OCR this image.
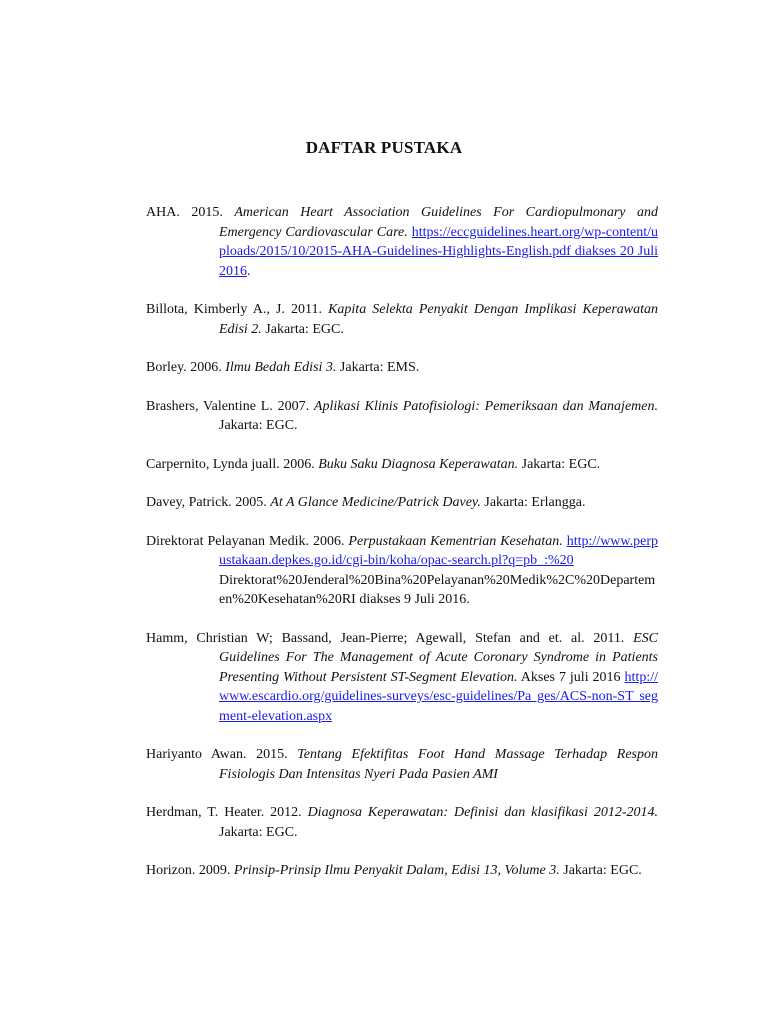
DAFTAR PUSTAKA

AHA. 2015. American Heart Association Guidelines For Cardiopulmonary and Emergency Cardiovascular Care. https://eccguidelines.heart.org/wp-content/uploads/2015/10/2015-AHA-Guidelines-Highlights-English.pdf diakses 20 Juli 2016.

Billota, Kimberly A., J. 2011. Kapita Selekta Penyakit Dengan Implikasi Keperawatan Edisi 2. Jakarta: EGC.

Borley. 2006. Ilmu Bedah Edisi 3. Jakarta: EMS.

Brashers, Valentine L. 2007. Aplikasi Klinis Patofisiologi: Pemeriksaan dan Manajemen. Jakarta: EGC.

Carpernito, Lynda juall. 2006. Buku Saku Diagnosa Keperawatan. Jakarta: EGC.

Davey, Patrick. 2005. At A Glance Medicine/Patrick Davey. Jakarta: Erlangga.

Direktorat Pelayanan Medik. 2006. Perpustakaan Kementrian Kesehatan. http://www.perpustakaan.depkes.go.id/cgi-bin/koha/opac-search.pl?q=pb_:%20Direktorat%20Jenderal%20Bina%20Pelayanan%20Medik%2C%20Departemen%20Kesehatan%20RI diakses 9 Juli 2016.

Hamm, Christian W; Bassand, Jean-Pierre; Agewall, Stefan and et. al. 2011. ESC Guidelines For The Management of Acute Coronary Syndrome in Patients Presenting Without Persistent ST-Segment Elevation. Akses 7 juli 2016 http://www.escardio.org/guidelines-surveys/esc-guidelines/Pa ges/ACS-non-ST segment-elevation.aspx

Hariyanto Awan. 2015. Tentang Efektifitas Foot Hand Massage Terhadap Respon Fisiologis Dan Intensitas Nyeri Pada Pasien AMI

Herdman, T. Heater. 2012. Diagnosa Keperawatan: Definisi dan klasifikasi 2012-2014. Jakarta: EGC.

Horizon. 2009. Prinsip-Prinsip Ilmu Penyakit Dalam, Edisi 13, Volume 3. Jakarta: EGC.
